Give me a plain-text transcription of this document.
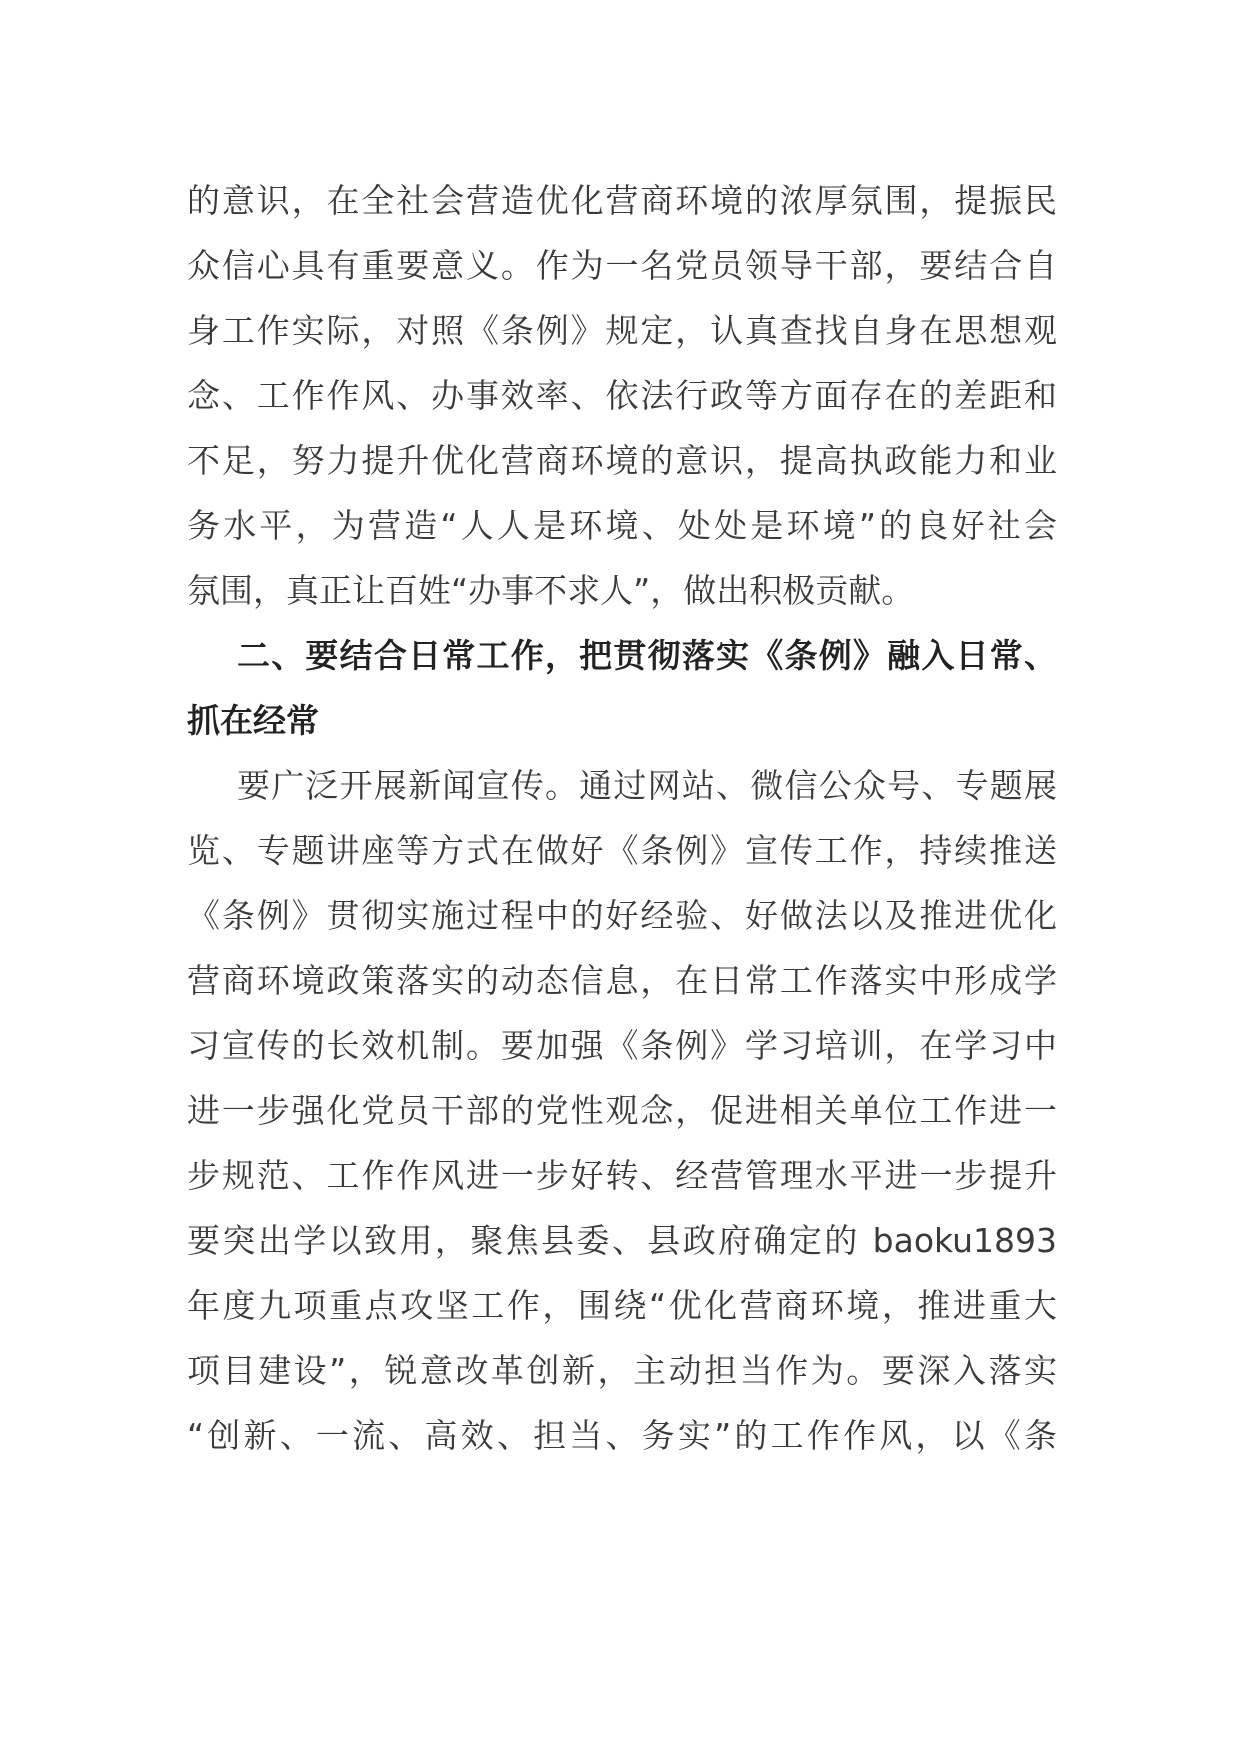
的意识，在全社会营造优化营商环境的浓厚氛围，提振民
众信心具有重要意义。作为一名党员领导干部，要结合自
身工作实际，对照《条例》规定，认真查找自身在思想观
念、工作作风、办事效率、依法行政等方面存在的差距和
不足，努力提升优化营商环境的意识，提高执政能力和业
务水平，为营造“人人是环境、处处是环境”的良好社会
氛围，真正让百姓“办事不求人”，做出积极贡献。
二、要结合日常工作，把贯彻落实《条例》融入日常、
抓在经常
要广泛开展新闻宣传。通过网站、微信公众号、专题展
览、专题讲座等方式在做好《条例》宣传工作，持续推送
《条例》贯彻实施过程中的好经验、好做法以及推进优化
营商环境政策落实的动态信息，在日常工作落实中形成学
习宣传的长效机制。要加强《条例》学习培训，在学习中
进一步强化党员干部的党性观念，促进相关单位工作进一
步规范、工作作风进一步好转、经营管理水平进一步提升
要突出学以致用，聚焦县委、县政府确定的 baoku1893
年度九项重点攻坚工作，围绕“优化营商环境，推进重大
项目建设”，锐意改革创新，主动担当作为。要深入落实
“创新、一流、高效、担当、务实”的工作作风，以《条
